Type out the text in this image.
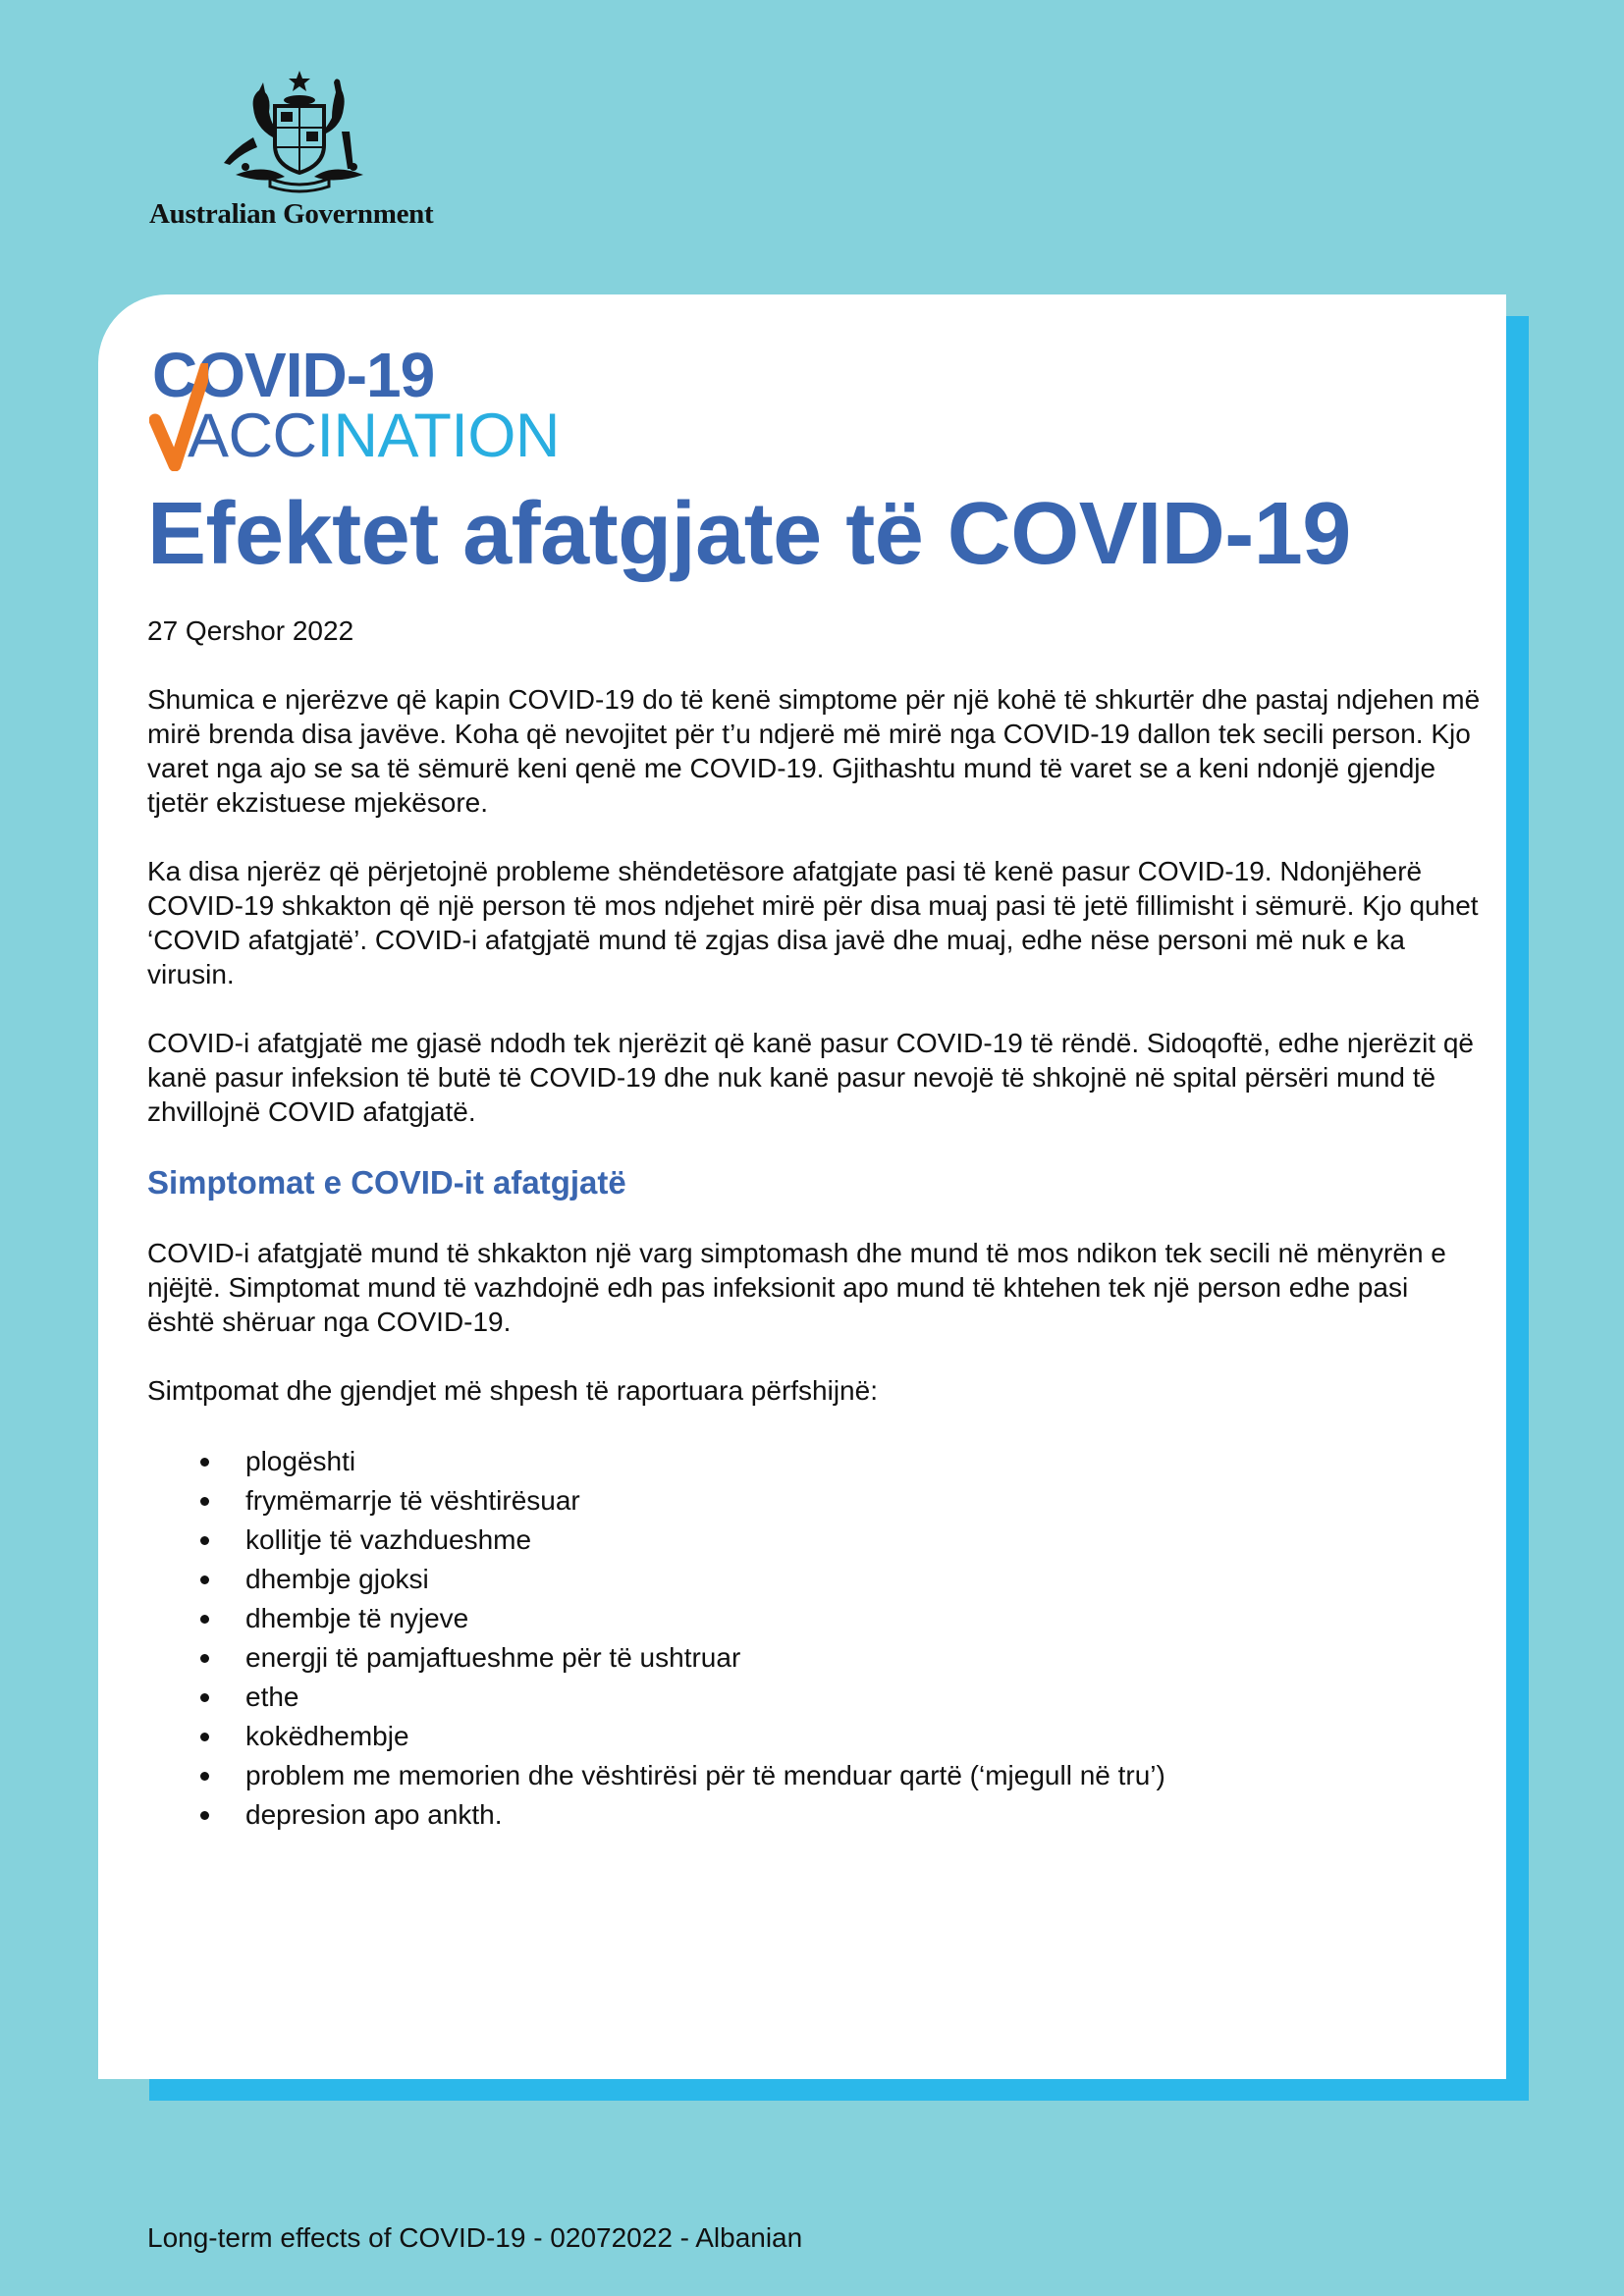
Australian Government
COVID-19
ACCINATION
Efektet afatgjate të COVID-19

27 Qershor 2022

Shumica e njerëzve që kapin COVID-19 do të kenë simptome për një kohë të shkurtër dhe pastaj ndjehen më mirë brenda disa javëve. Koha që nevojitet për t’u ndjerë më mirë nga COVID-19 dallon tek secili person. Kjo varet nga ajo se sa të sëmurë keni qenë me COVID-19. Gjithashtu mund të varet se a keni ndonjë gjendje tjetër ekzistuese mjekësore.

Ka disa njerëz që përjetojnë probleme shëndetësore afatgjate pasi të kenë pasur COVID-19. Ndonjëherë COVID-19 shkakton që një person të mos ndjehet mirë për disa muaj pasi të jetë fillimisht i sëmurë. Kjo quhet ‘COVID afatgjatë’. COVID-i afatgjatë mund të zgjas disa javë dhe muaj, edhe nëse personi më nuk e ka virusin.

COVID-i afatgjatë me gjasë ndodh tek njerëzit që kanë pasur COVID-19 të rëndë. Sidoqoftë, edhe njerëzit që kanë pasur infeksion të butë të COVID-19 dhe nuk kanë pasur nevojë të shkojnë në spital përsëri mund të zhvillojnë COVID afatgjatë.

Simptomat e COVID-it afatgjatë

COVID-i afatgjatë mund të shkakton një varg simptomash dhe mund të mos ndikon tek secili në mënyrën e njëjtë. Simptomat mund të vazhdojnë edh pas infeksionit apo mund të khtehen tek një person edhe pasi është shëruar nga COVID-19.

Simtpomat dhe gjendjet më shpesh të raportuara përfshijnë:

plogështi
frymëmarrje të vështirësuar
kollitje të vazhdueshme
dhembje gjoksi
dhembje të nyjeve
energji të pamjaftueshme për të ushtruar
ethe
kokëdhembje
problem me memorien dhe vështirësi për të menduar qartë (‘mjegull në tru’)
depresion apo ankth.
Long-term effects of COVID-19 - 02072022 - Albanian
